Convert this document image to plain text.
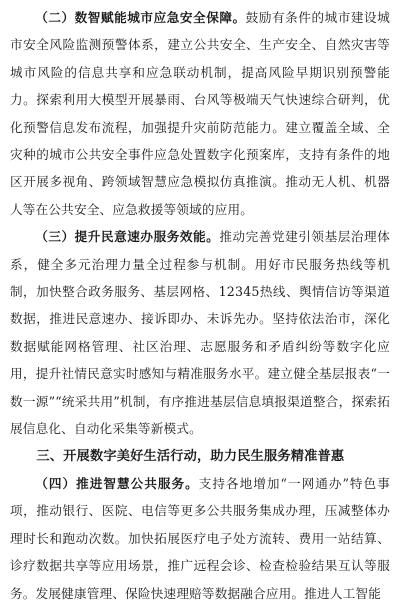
（二）数智赋能城市应急安全保障。鼓励有条件的城市建设城市安全风险监测预警体系，建立公共安全、生产安全、自然灾害等城市风险的信息共享和应急联动机制，提高风险早期识别预警能力。探索利用大模型开展暴雨、台风等极端天气快速综合研判，优化预警信息发布流程，加强提升灾前防范能力。建立覆盖全域、全灾种的城市公共安全事件应急处置数字化预案库，支持有条件的地区开展多视角、跨领域智慧应急模拟仿真推演。推动无人机、机器人等在公共安全、应急救援等领域的应用。

（三）提升民意速办服务效能。推动完善党建引领基层治理体系，健全多元治理力量全过程参与机制。用好市民服务热线等机制，加快整合政务服务、基层网格、12345热线、舆情信访等渠道数据，推进民意速办、接诉即办、未诉先办。坚持依法治市，深化数据赋能网格管理、社区治理、志愿服务和矛盾纠纷等数字化应用，提升社情民意实时感知与精准服务水平。建立健全基层报表“一数一源”“统采共用”机制，有序推进基层信息填报渠道整合，探索拓展信息化、自动化采集等新模式。

三、开展数字美好生活行动，助力民生服务精准普惠

（四）推进智慧公共服务。支持各地增加“一网通办”特色事项，推动银行、医院、电信等更多公共服务集成办理，压减整体办理时长和跑动次数。加快拓展医疗电子处方流转、费用一站结算、诊疗数据共享等应用场景，推广远程会诊、检查检验结果互认等服务。发展健康管理、保险快速理赔等数据融合应用。推进人工智能
